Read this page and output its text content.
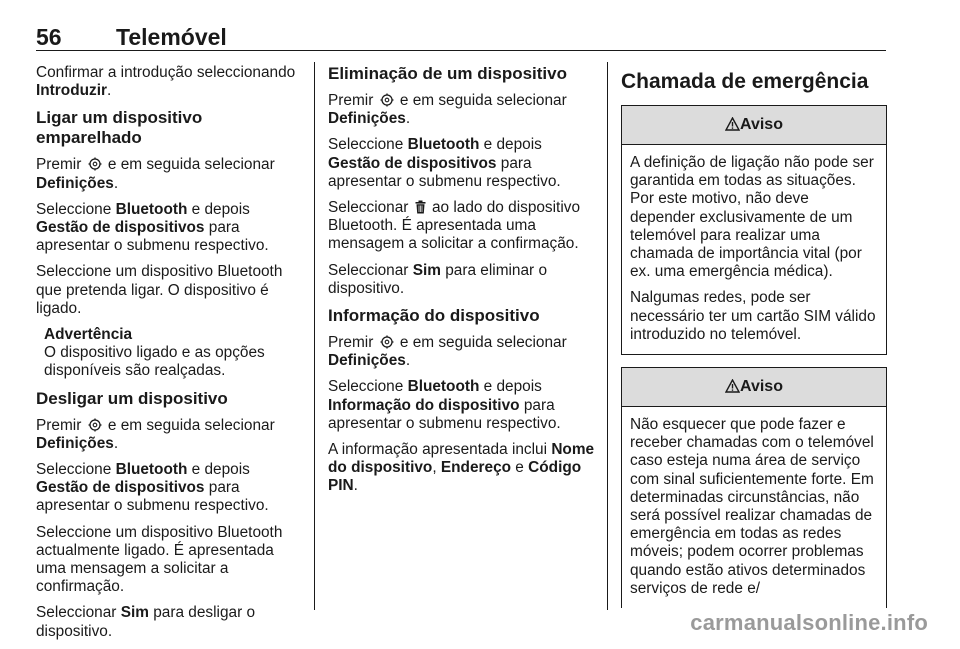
56 Telemóvel

Confirmar a introdução seleccionando Introduzir.

Ligar um dispositivo emparelhado

Premir  e em seguida selecionar Definições.

Seleccione Bluetooth e depois Gestão de dispositivos para apresentar o submenu respectivo.

Seleccione um dispositivo Bluetooth que pretenda ligar. O dispositivo é ligado.

Advertência
O dispositivo ligado e as opções disponíveis são realçadas.
Desligar um dispositivo

Premir  e em seguida selecionar Definições.

Seleccione Bluetooth e depois Gestão de dispositivos para apresentar o submenu respectivo.

Seleccione um dispositivo Bluetooth actualmente ligado. É apresentada uma mensagem a solicitar a confirmação.

Seleccionar Sim para desligar o dispositivo.

Eliminação de um dispositivo

Premir  e em seguida selecionar Definições.

Seleccione Bluetooth e depois Gestão de dispositivos para apresentar o submenu respectivo.

Seleccionar  ao lado do dispositivo Bluetooth. É apresentada uma mensagem a solicitar a confirmação.

Seleccionar Sim para eliminar o dispositivo.

Informação do dispositivo

Premir  e em seguida selecionar Definições.

Seleccione Bluetooth e depois Informação do dispositivo para apresentar o submenu respectivo.

A informação apresentada inclui Nome do dispositivo, Endereço e Código PIN.

Chamada de emergência
Aviso

A definição de ligação não pode ser garantida em todas as situações. Por este motivo, não deve depender exclusivamente de um telemóvel para realizar uma chamada de importância vital (por ex. uma emergência médica).

Nalgumas redes, pode ser necessário ter um cartão SIM válido introduzido no telemóvel.

Aviso

Não esquecer que pode fazer e receber chamadas com o telemóvel caso esteja numa área de serviço com sinal suficientemente forte. Em determinadas circunstâncias, não será possível realizar chamadas de emergência em todas as redes móveis; podem ocorrer problemas quando estão ativos determinados serviços de rede e/

carmanualsonline.info
